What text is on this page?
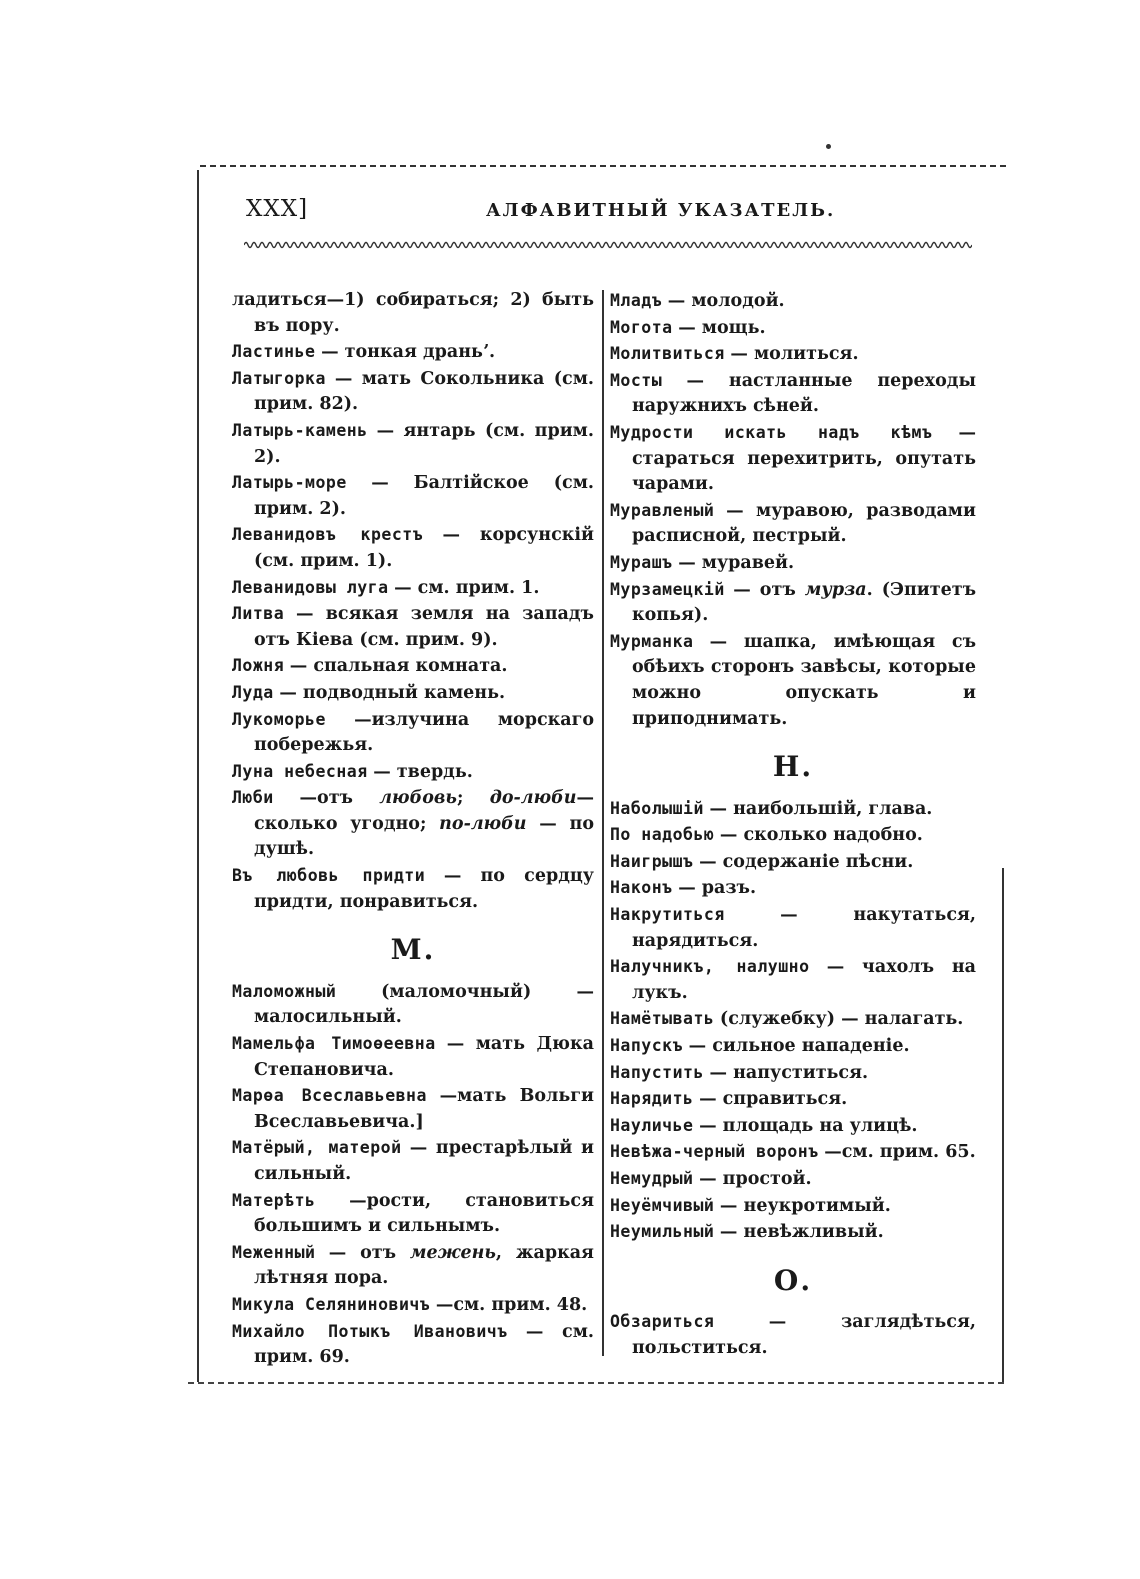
XXX]	АЛФАВИТНЫЙ УКАЗАТЕЛЬ.

ладиться—1) собираться; 2) быть въ пору.

Ластинье — тонкая драньʼ.

Латыгорка — мать Сокольника (см. прим. 82).

Латырь-камень — янтарь (см. прим. 2).

Латырь-море — Балтійское (см. прим. 2).

Леванидовъ крестъ — корсунскій (см. прим. 1).

Леванидовы луга — см. прим. 1.

Литва — всякая земля на западъ отъ Кіева (см. прим. 9).

Ложня — спальная комната.

Луда — подводный камень.

Лукоморье —излучина морскаго побережья.

Луна небесная — твердь.

Люби —отъ любовь; до-люби—сколько угодно; по-люби — по душѣ.

Въ любовь придти — по сердцу придти, понравиться.

М.

Маломожный	(маломочный) — малосильный.

Мамельфа Тимоѳеевна — мать Дюка Степановича.

Марѳа Всеславьевна —мать Вольги Всеславьевича.]

Матёрый, матерой — престарѣлый и сильный.

Матерѣть —рости, становиться большимъ и сильнымъ.

Меженный — отъ межень, жаркая лѣтняя пора.

Микула Селяниновичъ —см. прим. 48.

Михайло Потыкъ Ивановичъ — см. прим. 69.

Младъ — молодой.

Могота — мощь.

Молитвиться — молиться.

Мосты — настланные переходы наружнихъ сѣней.

Мудрости искать надъ кѣмъ — стараться перехитрить, опутать чарами.

Муравленый — муравою, разводами расписной, пестрый.

Мурашъ — муравей.

Мурзамецкій — отъ мурза. (Эпитетъ копья).

Мурманка — шапка, имѣющая съ обѣихъ сторонъ завѣсы, которые можно опускать и приподнимать.

Н.

Наболышій — наибольшій, глава.

По надобью — сколько надобно.

Наигрышъ — содержаніе пѣсни.

Наконъ — разъ.

Накрутиться	— накутаться, нарядиться.

Налучникъ, налушно — чахолъ на лукъ.

Намётывать (служебку) — налагать.

Напускъ — сильное нападеніе.

Напустить — напуститься.

Нарядить — справиться.

Науличье — площадь на улицѣ.

Невѣжа-черный воронъ —см. прим. 65.

Немудрый — простой.

Неуёмчивый — неукротимый.

Неумильный — невѣжливый.

О.

Обзариться	— заглядѣться, польститься.
